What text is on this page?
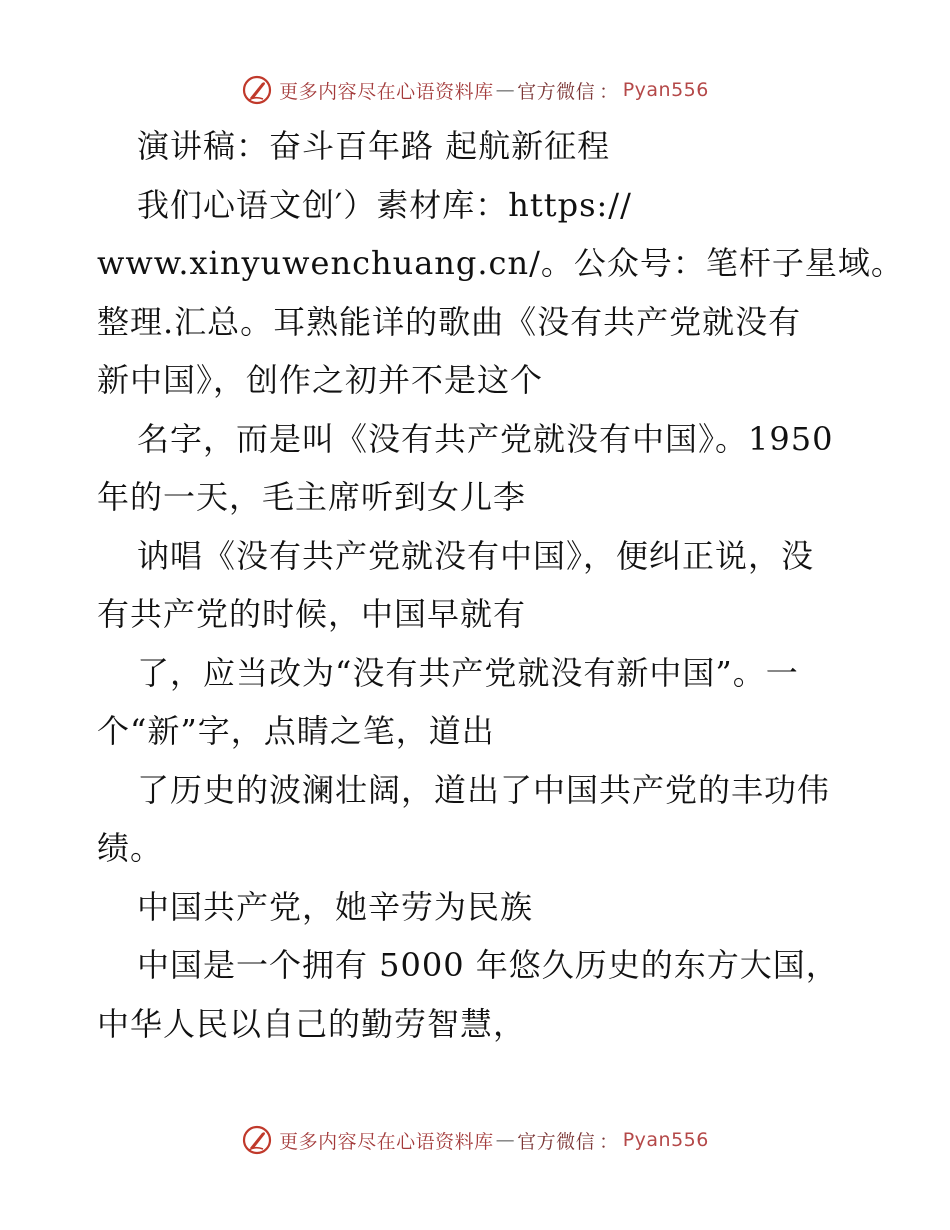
更多内容尽在心语资料库 — 官方微信 ： Pyan556
演讲稿：奋斗百年路 起航新征程
我们心语文创′）素材库：https://
www.xinyuwenchuang.cn/。公众号：笔杆子星域。
整理.汇总。耳熟能详的歌曲《没有共产党就没有
新中国》，创作之初并不是这个
名字，而是叫《没有共产党就没有中国》。1950
年的一天，毛主席听到女儿李
讷唱《没有共产党就没有中国》，便纠正说，没
有共产党的时候，中国早就有
了，应当改为“没有共产党就没有新中国”。一
个“新”字，点睛之笔，道出
了历史的波澜壮阔，道出了中国共产党的丰功伟
绩。
中国共产党，她辛劳为民族
中国是一个拥有 5000 年悠久历史的东方大国，
中华人民以自己的勤劳智慧，
更多内容尽在心语资料库 — 官方微信 ： Pyan556
